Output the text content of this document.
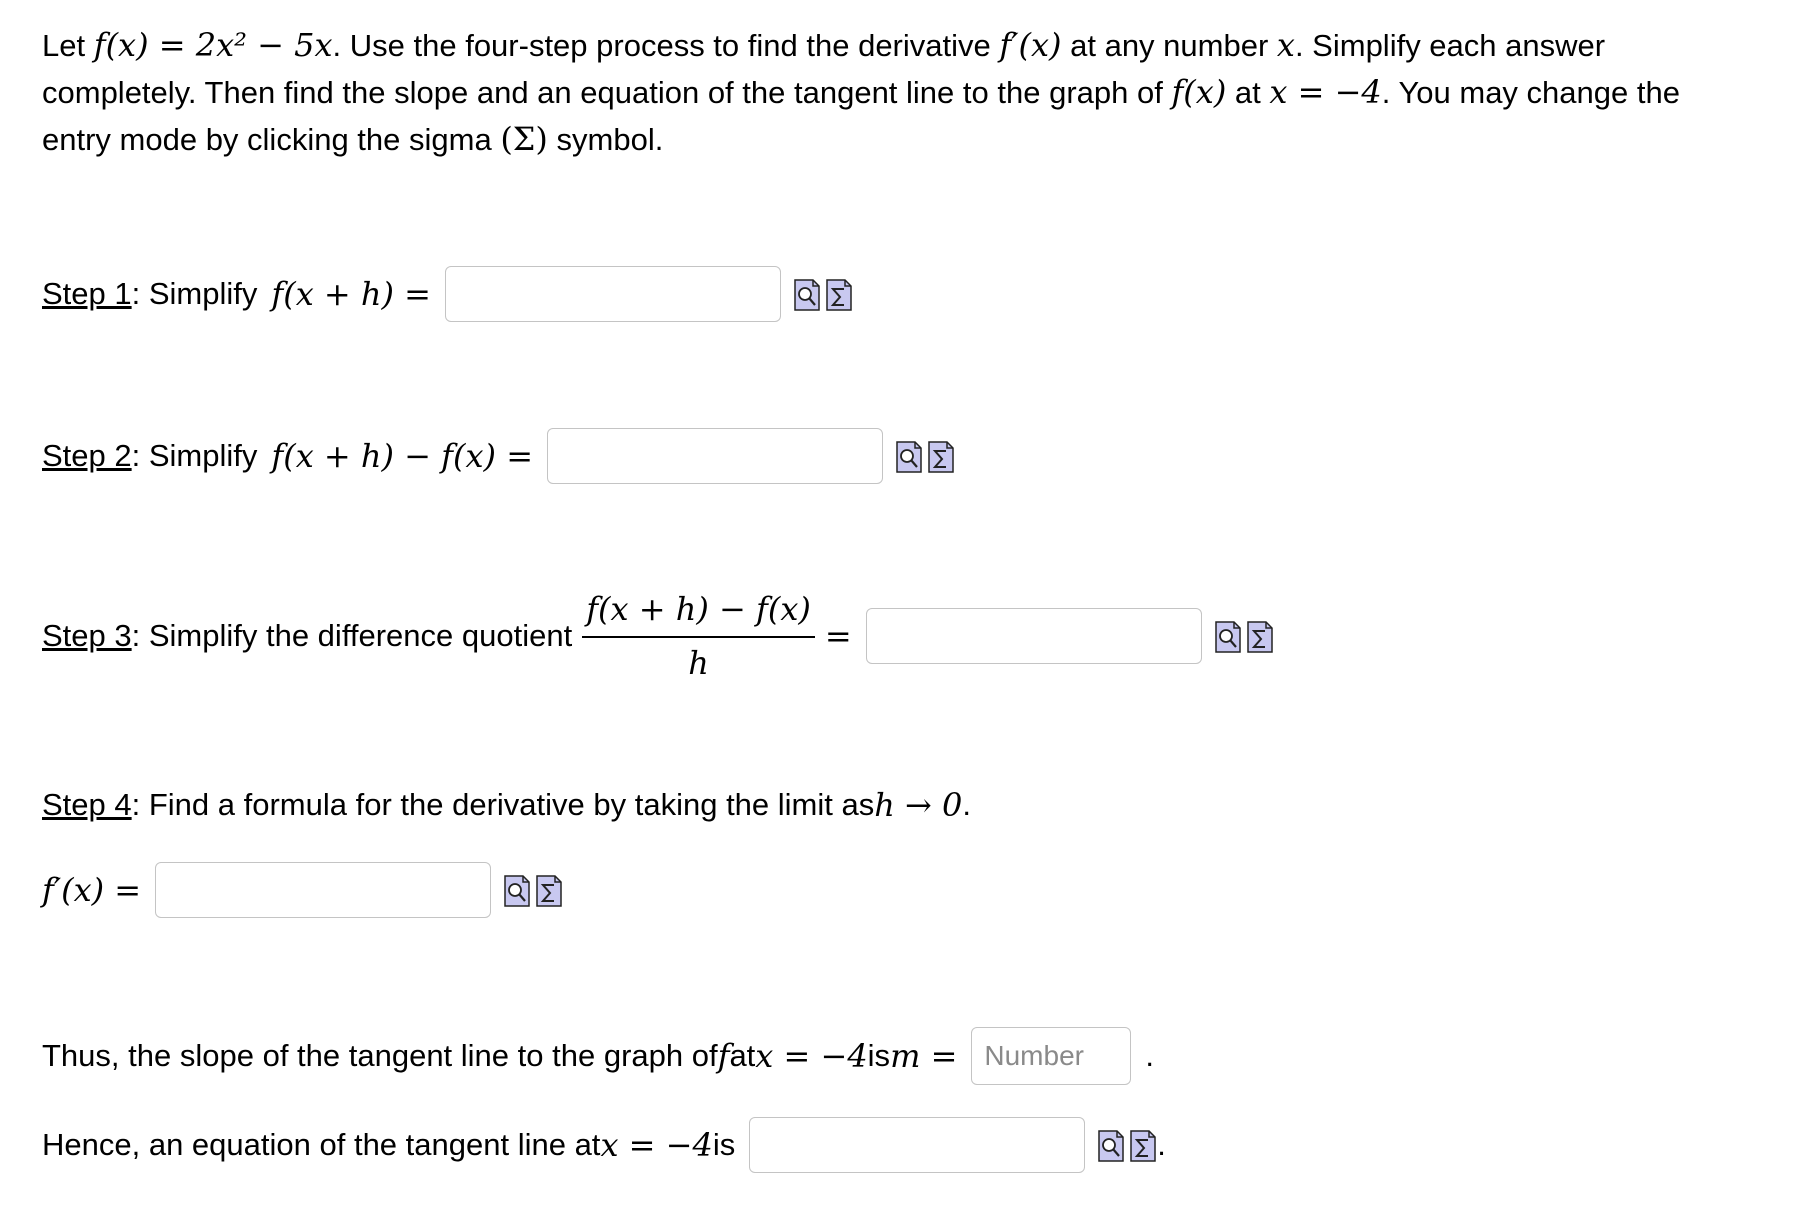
Let f(x) = 2x² − 5x. Use the four-step process to find the derivative f′(x) at any number x. Simplify each answer completely. Then find the slope and an equation of the tangent line to the graph of f(x) at x = −4. You may change the entry mode by clicking the sigma (Σ) symbol.
Step 1 : Simplify f(x + h) =
Step 2 : Simplify f(x + h) − f(x) =
Step 3 : Simplify the difference quotient $\frac{f(x + h) - f(x)}{h}$ =
Step 4 : Find a formula for the derivative by taking the limit as h → 0 .
f′(x) =
Thus, the slope of the tangent line to the graph of f at x = −4 is m =
Number	.
Hence, an equation of the tangent line at x = −4 is	.
